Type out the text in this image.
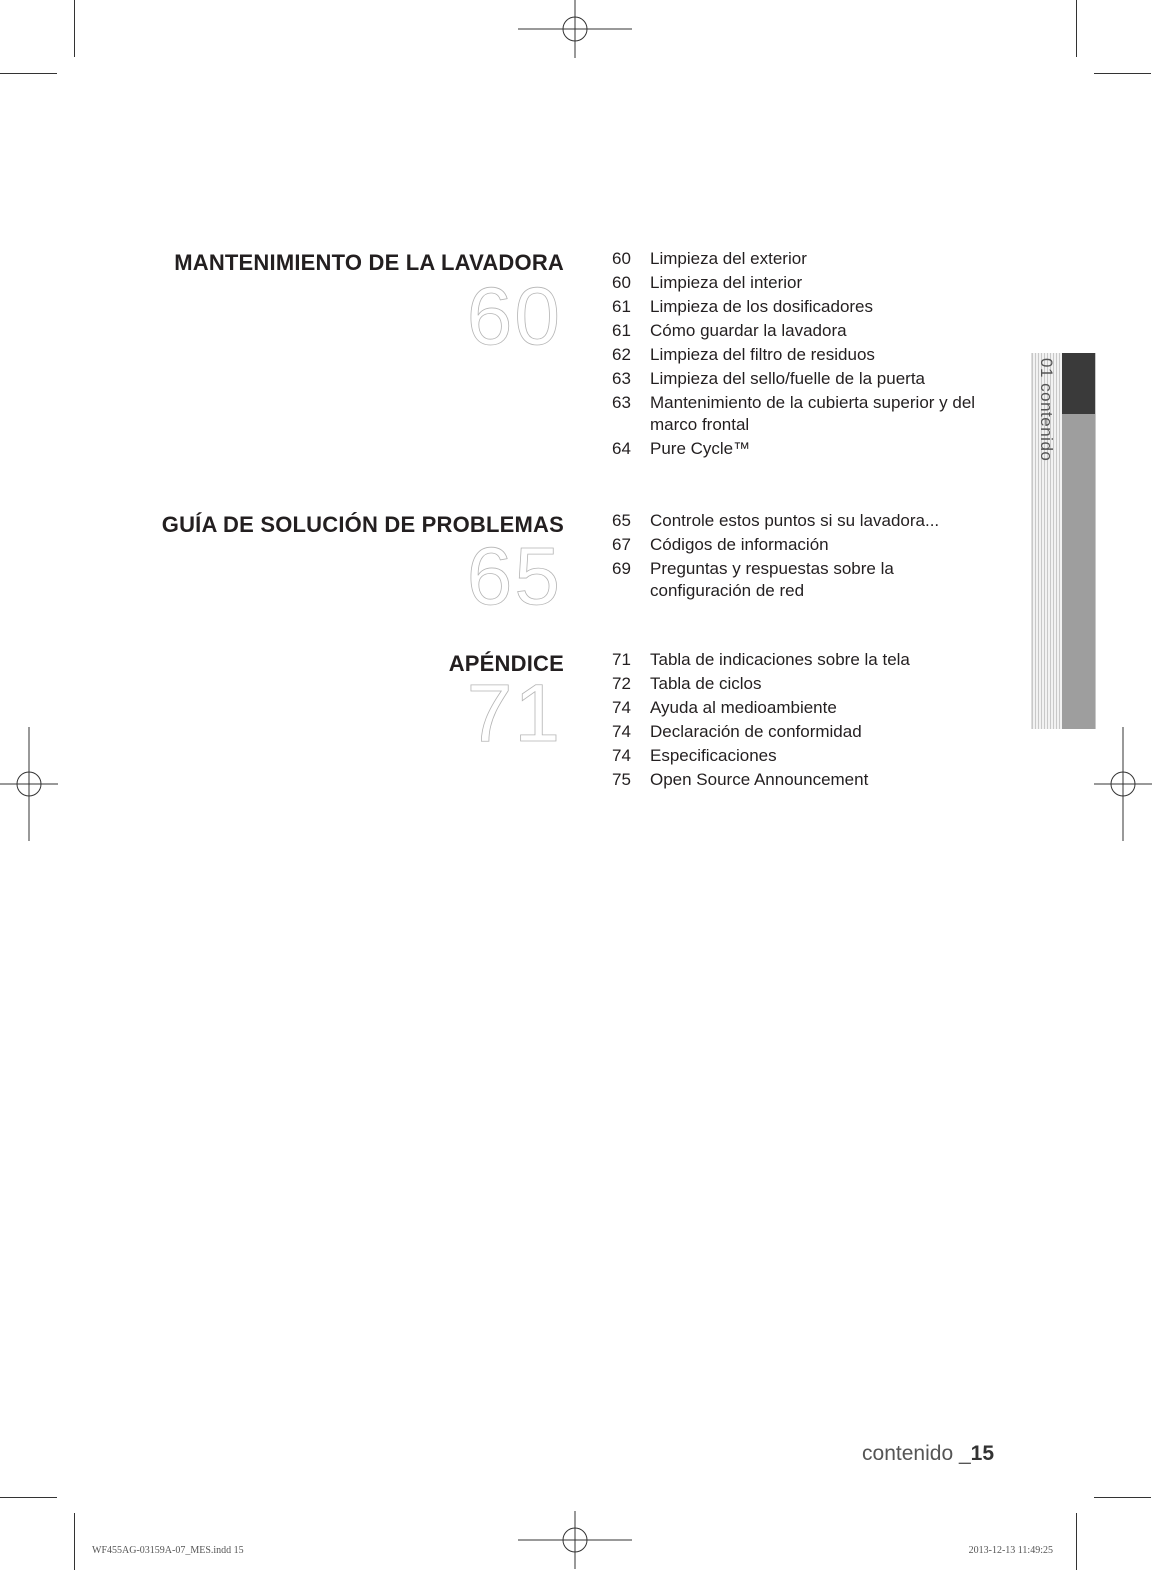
MANTENIMIENTO DE LA LAVADORA
60
60	Limpieza del exterior
60	Limpieza del interior
61	Limpieza de los dosificadores
61	Cómo guardar la lavadora
62	Limpieza del filtro de residuos
63	Limpieza del sello/fuelle de la puerta
63	Mantenimiento de la cubierta superior y del marco frontal
64	Pure Cycle™
GUÍA DE SOLUCIÓN DE PROBLEMAS
65
65	Controle estos puntos si su lavadora...
67	Códigos de información
69	Preguntas y respuestas sobre la configuración de red
APÉNDICE
71
71	Tabla de indicaciones sobre la tela
72	Tabla de ciclos
74	Ayuda al medioambiente
74	Declaración de conformidad
74	Especificaciones
75	Open Source Announcement
01 contenido
contenido _15
WF455AG-03159A-07_MES.indd 15	2013-12-13 11:49:25
